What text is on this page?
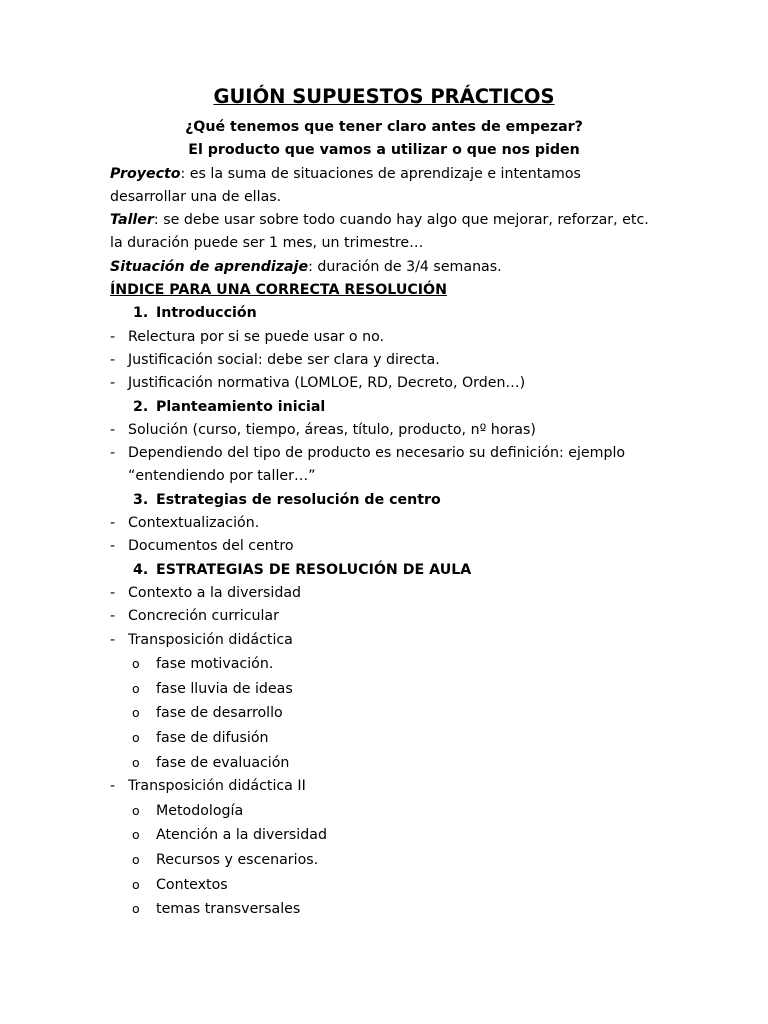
GUIÓN SUPUESTOS PRÁCTICOS
¿Qué tenemos que tener claro antes de empezar?
El producto que vamos a utilizar o que nos piden
Proyecto: es la suma de situaciones de aprendizaje e intentamos desarrollar una de ellas.
Taller: se debe usar sobre todo cuando hay algo que mejorar, reforzar, etc. la duración puede ser 1 mes, un trimestre…
Situación de aprendizaje: duración de 3/4 semanas.
ÍNDICE PARA UNA CORRECTA RESOLUCIÓN
1. Introducción
- Relectura por si se puede usar o no.
- Justificación social: debe ser clara y directa.
- Justificación normativa (LOMLOE, RD, Decreto, Orden…)
2. Planteamiento inicial
- Solución (curso, tiempo, áreas, título, producto, nº horas)
- Dependiendo del tipo de producto es necesario su definición: ejemplo “entendiendo por taller…”
3. Estrategias de resolución de centro
- Contextualización.
- Documentos del centro
4. ESTRATEGIAS DE RESOLUCIÓN DE AULA
- Contexto a la diversidad
- Concreción curricular
- Transposición didáctica
o	fase motivación.
o	fase lluvia de ideas
o	fase de desarrollo
o	fase de difusión
o	fase de evaluación
- Transposición didáctica II
o	Metodología
o	Atención a la diversidad
o	Recursos y escenarios.
o	Contextos
o	temas transversales
